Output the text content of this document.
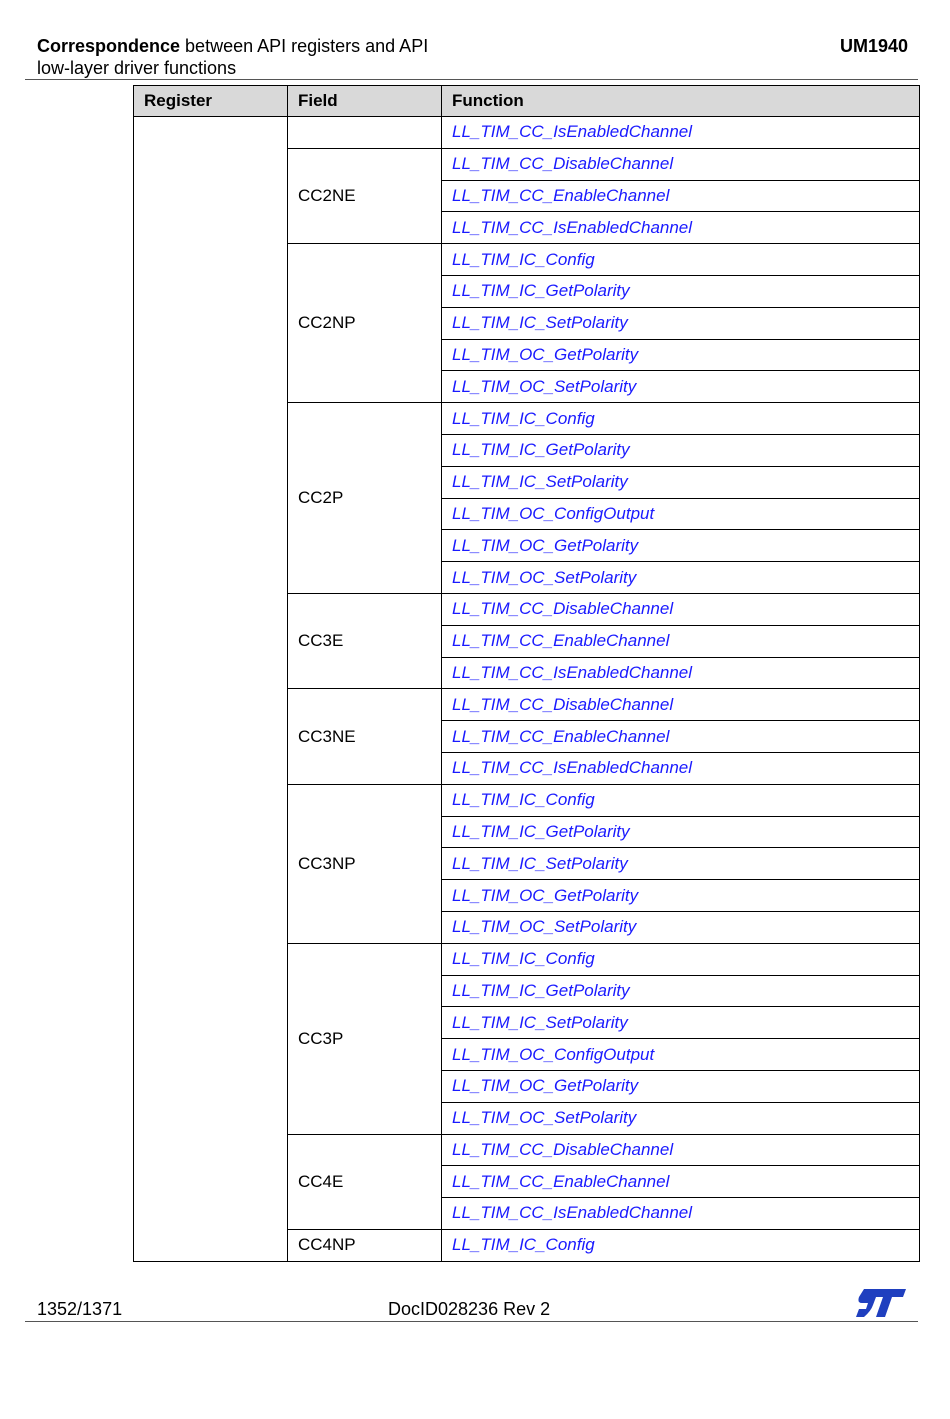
Correspondence between API registers and API
low-layer driver functions
UM1940
Register	Field	Function
		LL_TIM_CC_IsEnabledChannel
	CC2NE	LL_TIM_CC_DisableChannel
		LL_TIM_CC_EnableChannel
		LL_TIM_CC_IsEnabledChannel
	CC2NP	LL_TIM_IC_Config
		LL_TIM_IC_GetPolarity
		LL_TIM_IC_SetPolarity
		LL_TIM_OC_GetPolarity
		LL_TIM_OC_SetPolarity
	CC2P	LL_TIM_IC_Config
		LL_TIM_IC_GetPolarity
		LL_TIM_IC_SetPolarity
		LL_TIM_OC_ConfigOutput
		LL_TIM_OC_GetPolarity
		LL_TIM_OC_SetPolarity
	CC3E	LL_TIM_CC_DisableChannel
		LL_TIM_CC_EnableChannel
		LL_TIM_CC_IsEnabledChannel
	CC3NE	LL_TIM_CC_DisableChannel
		LL_TIM_CC_EnableChannel
		LL_TIM_CC_IsEnabledChannel
	CC3NP	LL_TIM_IC_Config
		LL_TIM_IC_GetPolarity
		LL_TIM_IC_SetPolarity
		LL_TIM_OC_GetPolarity
		LL_TIM_OC_SetPolarity
	CC3P	LL_TIM_IC_Config
		LL_TIM_IC_GetPolarity
		LL_TIM_IC_SetPolarity
		LL_TIM_OC_ConfigOutput
		LL_TIM_OC_GetPolarity
		LL_TIM_OC_SetPolarity
	CC4E	LL_TIM_CC_DisableChannel
		LL_TIM_CC_EnableChannel
		LL_TIM_CC_IsEnabledChannel
	CC4NP	LL_TIM_IC_Config
1352/1371	DocID028236 Rev 2
